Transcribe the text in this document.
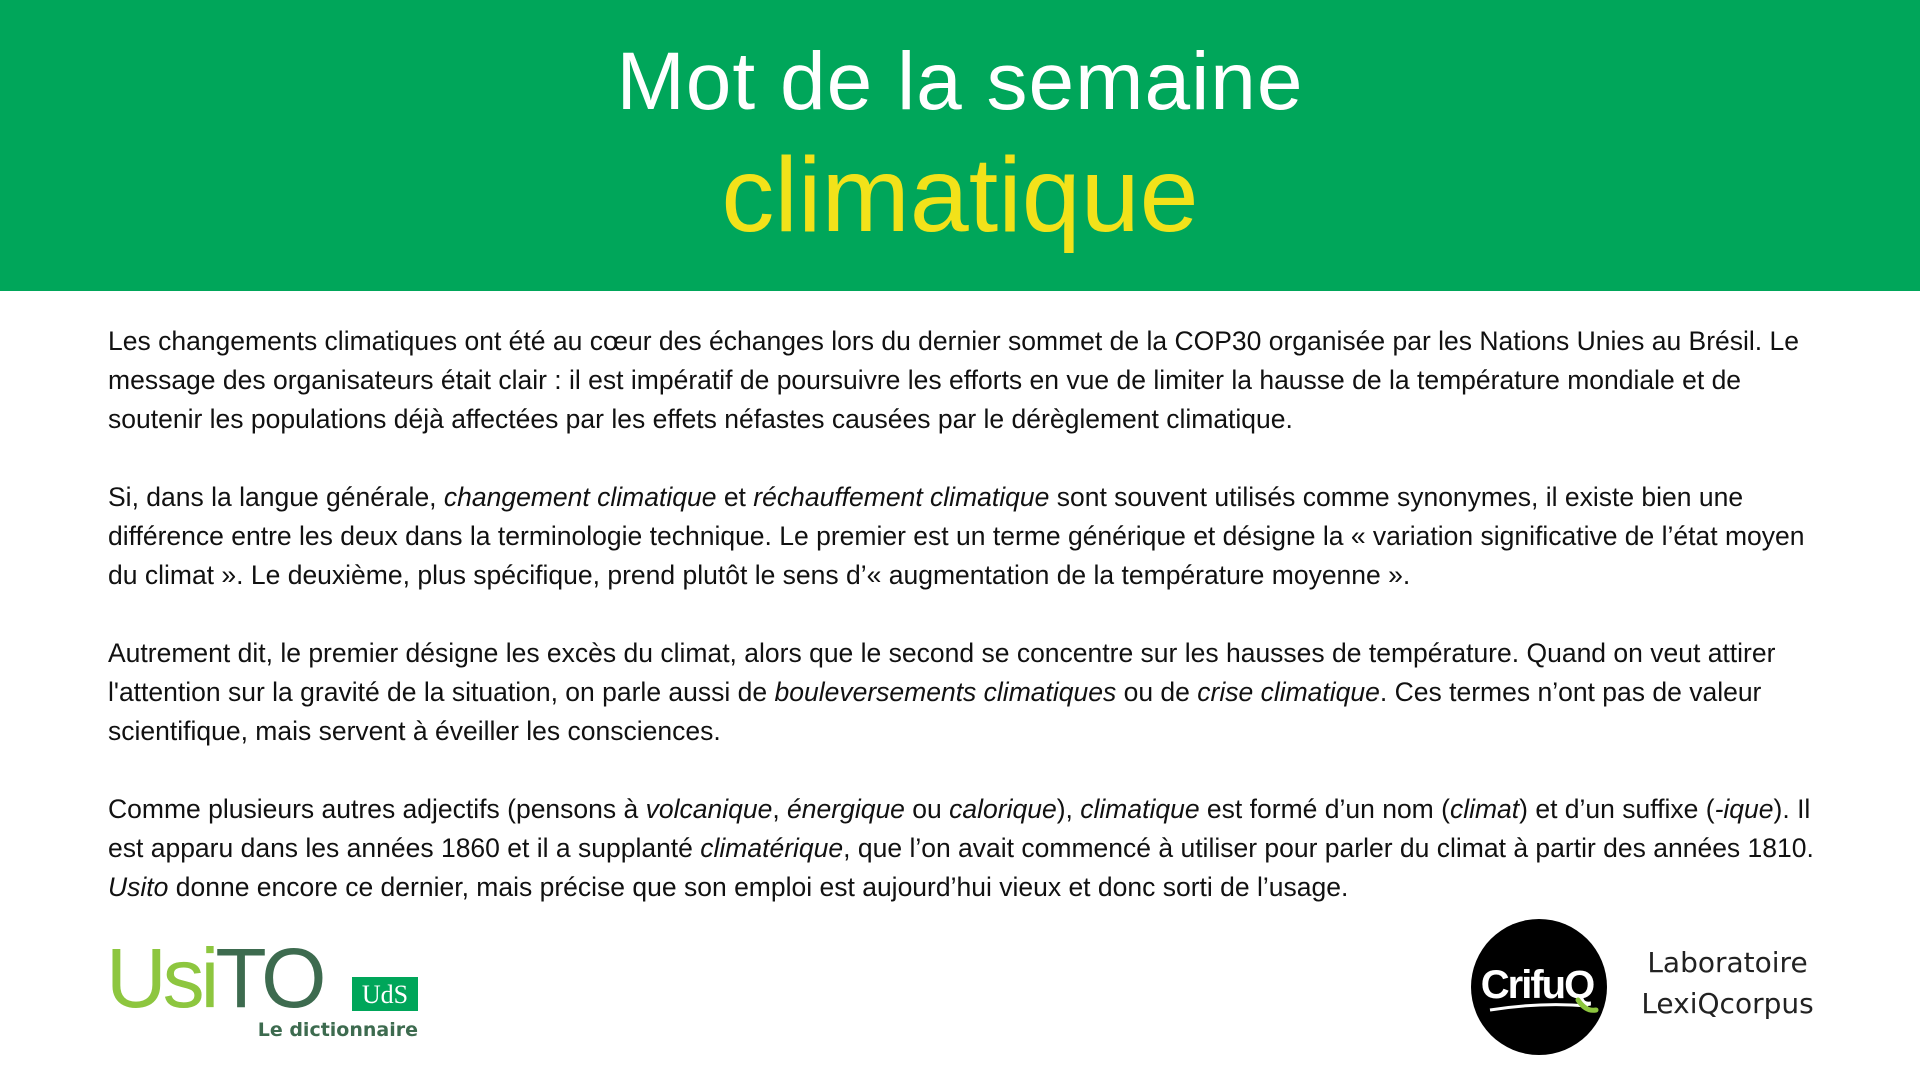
Mot de la semaine
climatique

Les changements climatiques ont été au cœur des échanges lors du dernier sommet de la COP30 organisée par les Nations Unies au Brésil. Le message des organisateurs était clair : il est impératif de poursuivre les efforts en vue de limiter la hausse de la température mondiale et de soutenir les populations déjà affectées par les effets néfastes causées par le dérèglement climatique.

Si, dans la langue générale, changement climatique et réchauffement climatique sont souvent utilisés comme synonymes, il existe bien une différence entre les deux dans la terminologie technique. Le premier est un terme générique et désigne la « variation significative de l’état moyen du climat ». Le deuxième, plus spécifique, prend plutôt le sens d’« augmentation de la température moyenne ».

Autrement dit, le premier désigne les excès du climat, alors que le second se concentre sur les hausses de température. Quand on veut attirer l'attention sur la gravité de la situation, on parle aussi de bouleversements climatiques ou de crise climatique. Ces termes n’ont pas de valeur scientifique, mais servent à éveiller les consciences.

Comme plusieurs autres adjectifs (pensons à volcanique, énergique ou calorique), climatique est formé d’un nom (climat) et d’un suffixe (-ique). Il est apparu dans les années 1860 et il a supplanté climatérique, que l’on avait commencé à utiliser pour parler du climat à partir des années 1810. Usito donne encore ce dernier, mais précise que son emploi est aujourd’hui vieux et donc sorti de l’usage.

UsiTO UdS
Le dictionnaire
CrifuQ
Laboratoire
LexiQcorpus
